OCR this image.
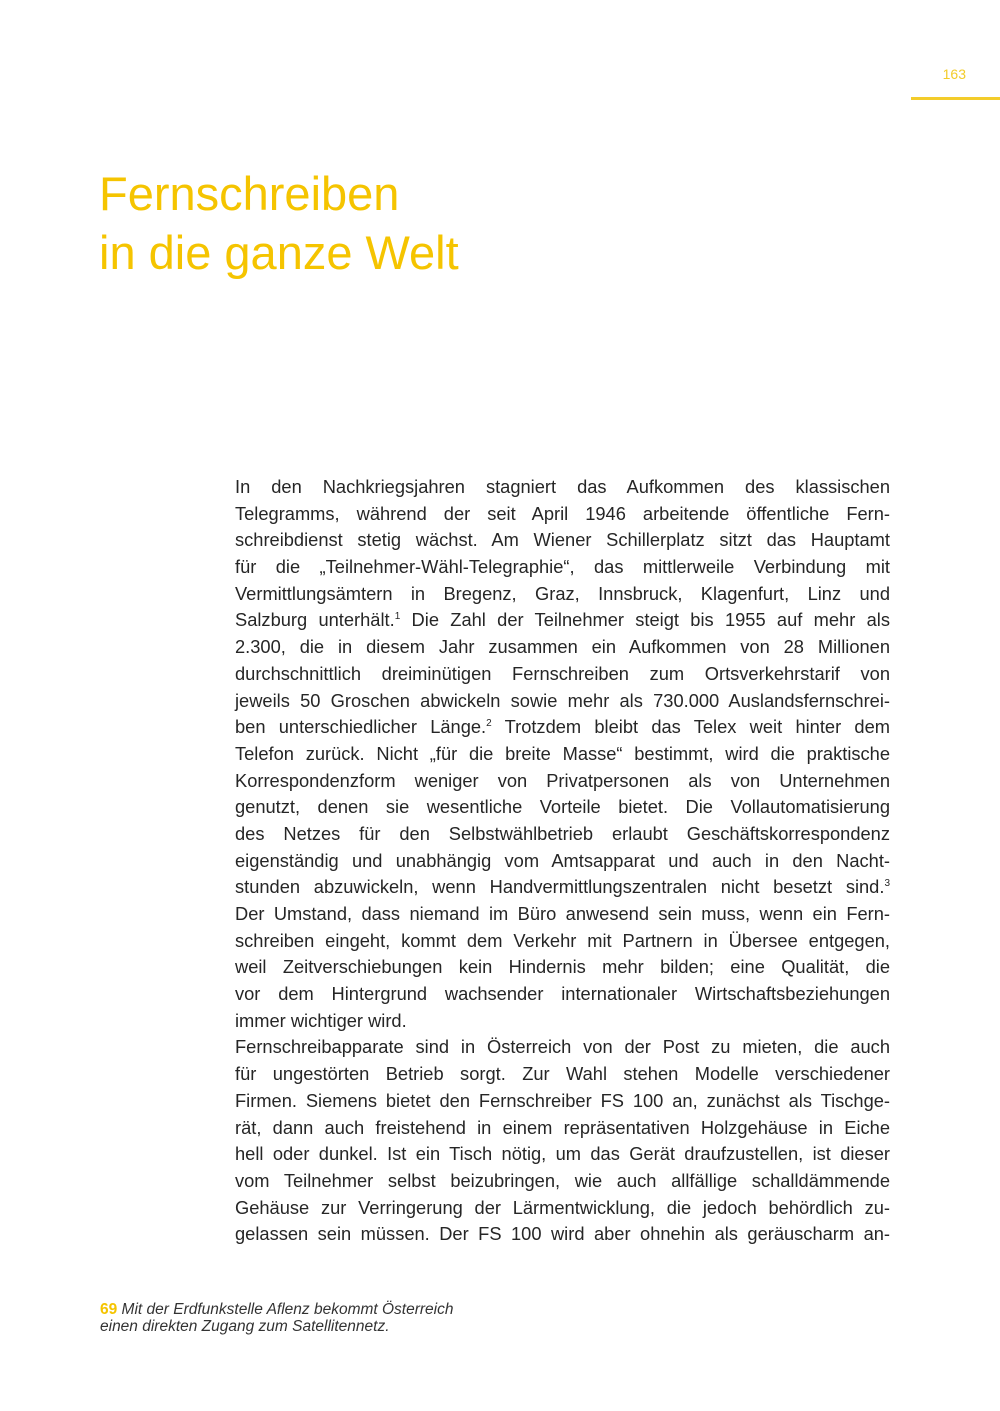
163
Fernschreiben
in die ganze Welt
In den Nachkriegsjahren stagniert das Aufkommen des klassischen
Telegramms, während der seit April 1946 arbeitende öffentliche Fern-
schreibdienst stetig wächst. Am Wiener Schillerplatz sitzt das Hauptamt
für die „Teilnehmer-Wähl-Telegraphie“, das mittlerweile Verbindung mit
Vermittlungsämtern in Bregenz, Graz, Innsbruck, Klagenfurt, Linz und
Salzburg unterhält.$^1$ Die Zahl der Teilnehmer steigt bis 1955 auf mehr als
2.300, die in diesem Jahr zusammen ein Aufkommen von 28 Millionen
durchschnittlich dreiminütigen Fernschreiben zum Ortsverkehrstarif von
jeweils 50 Groschen abwickeln sowie mehr als 730.000 Auslandsfernschrei-
ben unterschiedlicher Länge.$^2$ Trotzdem bleibt das Telex weit hinter dem
Telefon zurück. Nicht „für die breite Masse“ bestimmt, wird die praktische
Korrespondenzform weniger von Privatpersonen als von Unternehmen
genutzt, denen sie wesentliche Vorteile bietet. Die Vollautomatisierung
des Netzes für den Selbstwählbetrieb erlaubt Geschäftskorrespondenz
eigenständig und unabhängig vom Amtsapparat und auch in den Nacht-
stunden abzuwickeln, wenn Handvermittlungszentralen nicht besetzt sind.$^3$
Der Umstand, dass niemand im Büro anwesend sein muss, wenn ein Fern-
schreiben eingeht, kommt dem Verkehr mit Partnern in Übersee entgegen,
weil Zeitverschiebungen kein Hindernis mehr bilden; eine Qualität, die
vor dem Hintergrund wachsender internationaler Wirtschaftsbeziehungen
immer wichtiger wird.
Fernschreibapparate sind in Österreich von der Post zu mieten, die auch
für ungestörten Betrieb sorgt. Zur Wahl stehen Modelle verschiedener
Firmen. Siemens bietet den Fernschreiber FS 100 an, zunächst als Tischge-
rät, dann auch freistehend in einem repräsentativen Holzgehäuse in Eiche
hell oder dunkel. Ist ein Tisch nötig, um das Gerät draufzustellen, ist dieser
vom Teilnehmer selbst beizubringen, wie auch allfällige schalldämmende
Gehäuse zur Verringerung der Lärmentwicklung, die jedoch behördlich zu-
gelassen sein müssen. Der FS 100 wird aber ohnehin als geräuscharm an-
69 Mit der Erdfunkstelle Aflenz bekommt Österreich
einen direkten Zugang zum Satellitennetz.
